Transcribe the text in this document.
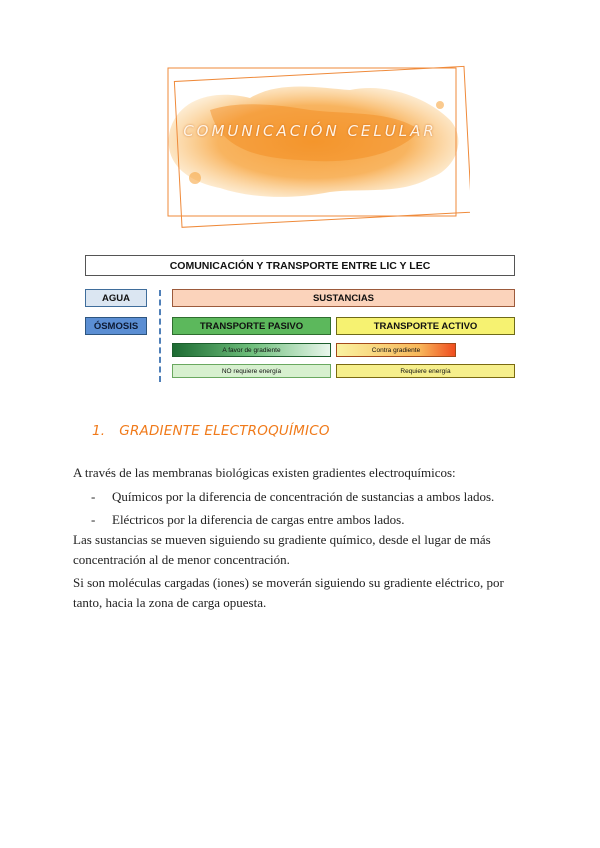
COMUNICACIÓN CELULAR
COMUNICACIÓN Y TRANSPORTE ENTRE LIC Y LEC
AGUA
ÓSMOSIS
SUSTANCIAS
TRANSPORTE PASIVO	TRANSPORTE ACTIVO
A favor de gradiente	Contra gradiente
NO requiere energía	Requiere energía
1. GRADIENTE ELECTROQUÍMICO
A través de las membranas biológicas existen gradientes electroquímicos:
- Químicos por la diferencia de concentración de sustancias a ambos lados.
- Eléctricos por la diferencia de cargas entre ambos lados.
Las sustancias se mueven siguiendo su gradiente químico, desde el lugar de más
concentración al de menor concentración.
Si son moléculas cargadas (iones) se moverán siguiendo su gradiente eléctrico, por
tanto, hacia la zona de carga opuesta.
